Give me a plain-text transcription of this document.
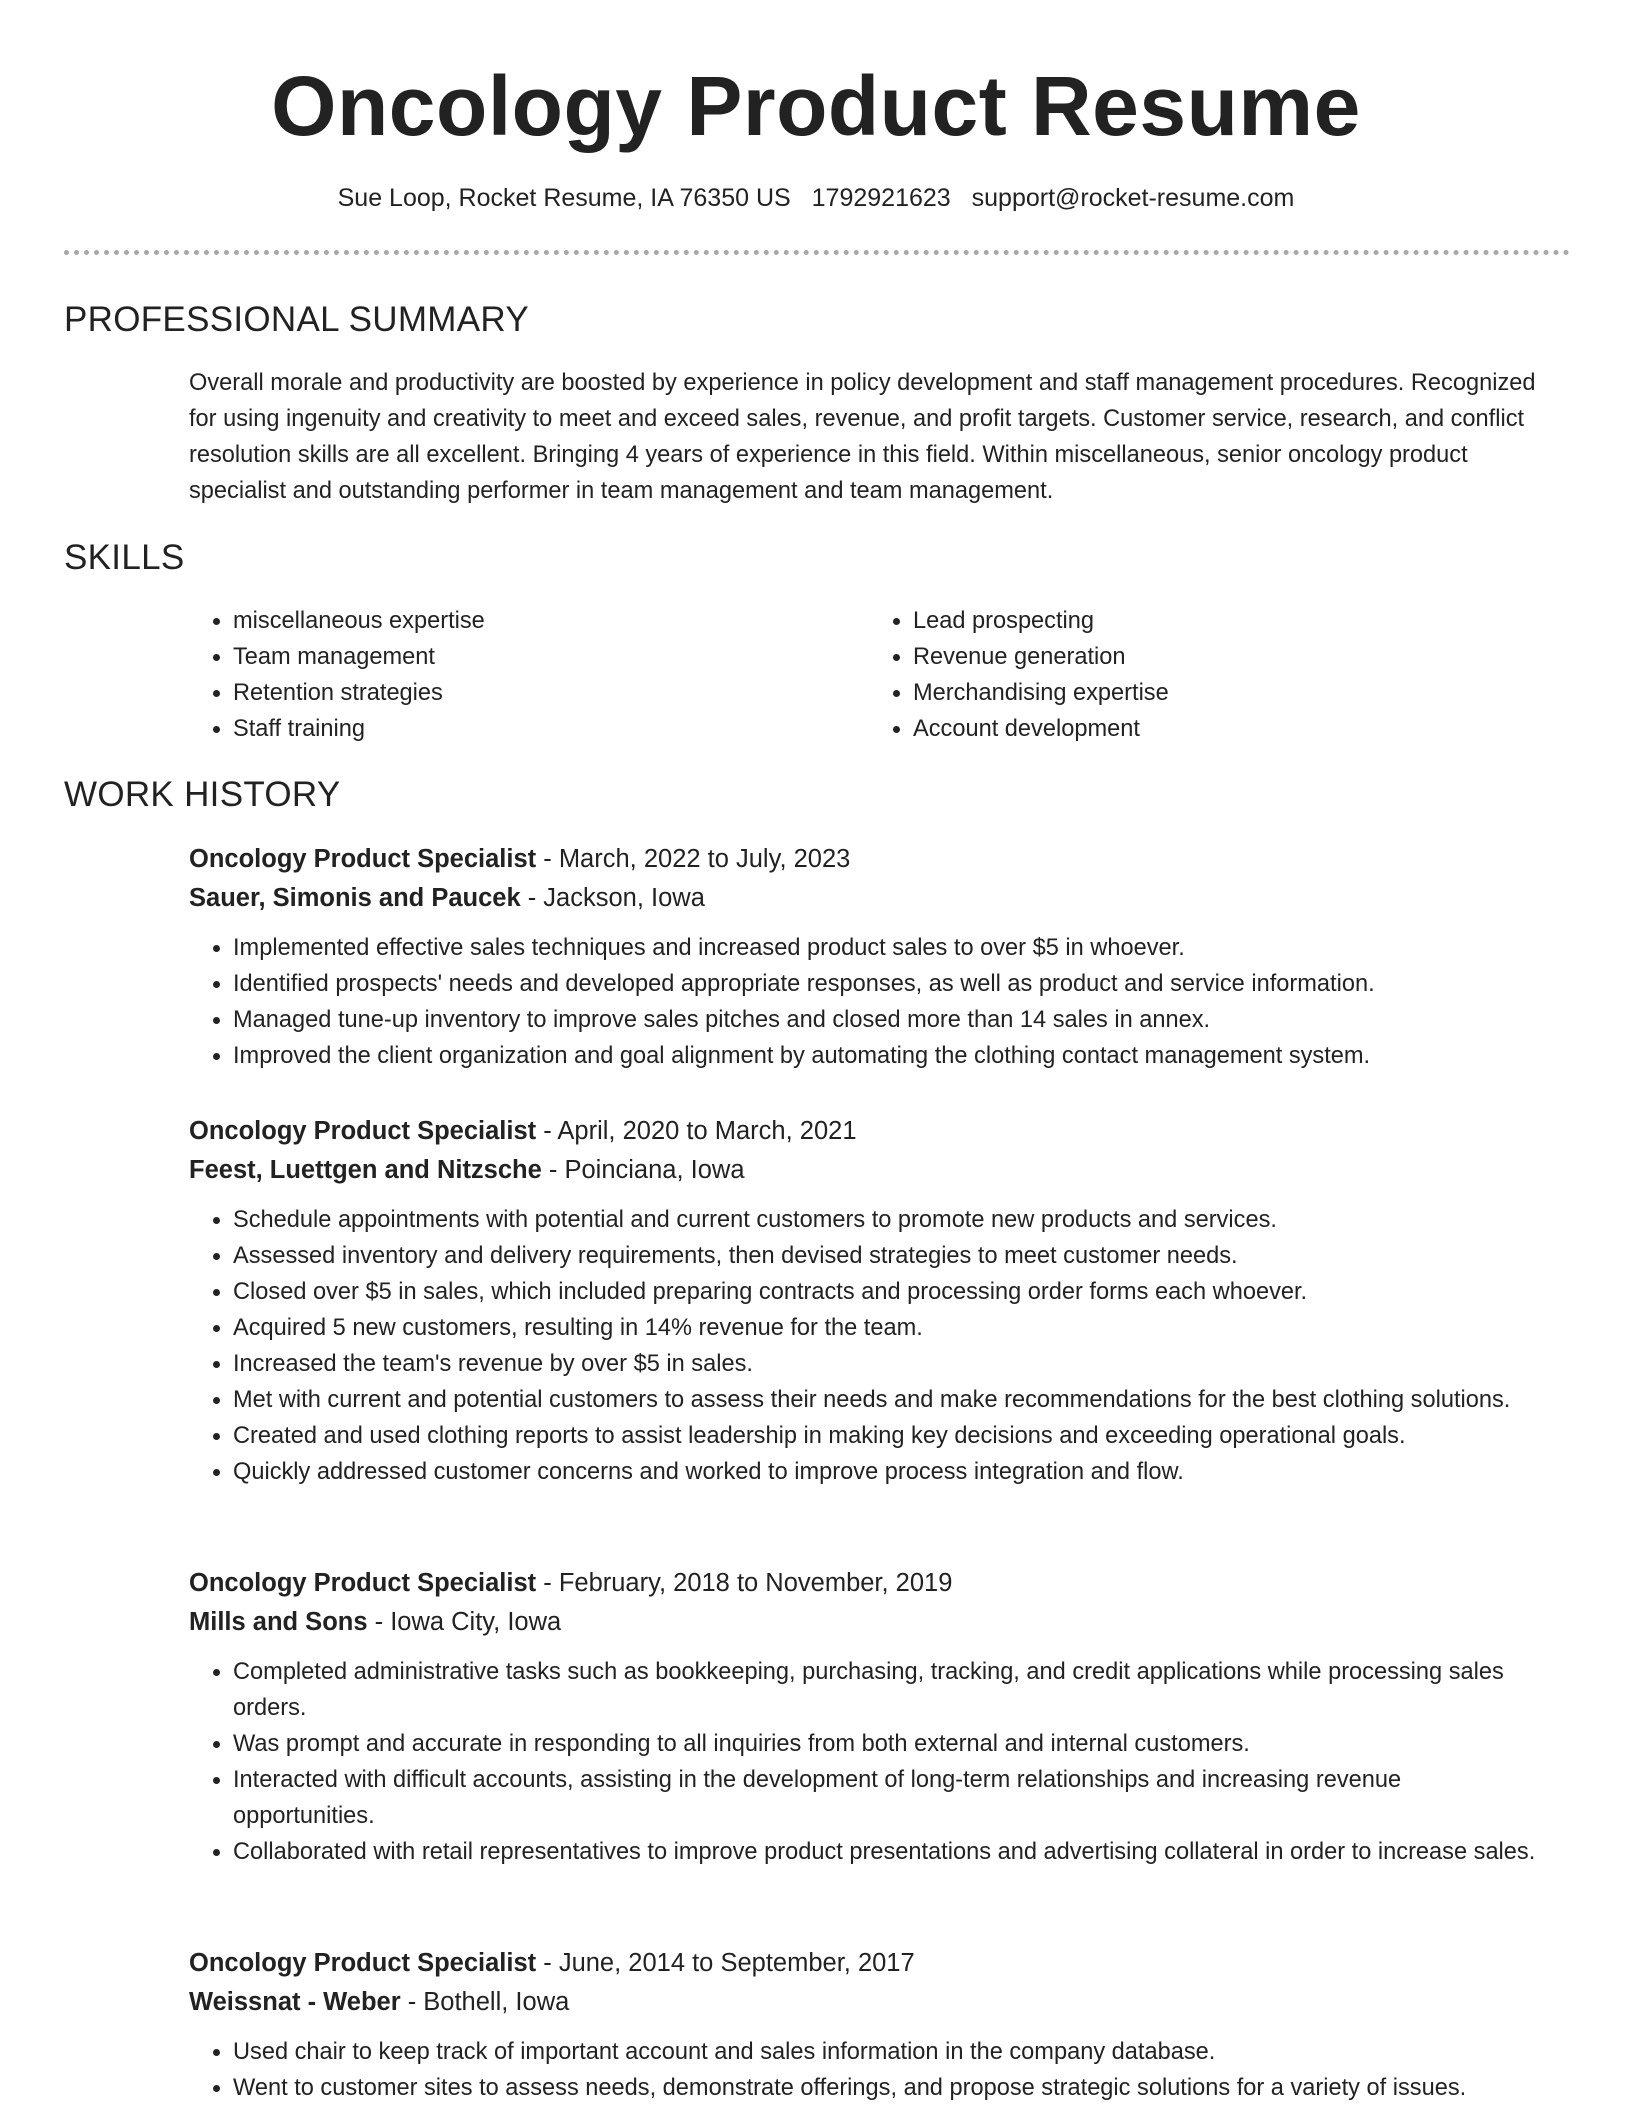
Oncology Product Resume
Sue Loop, Rocket Resume, IA 76350 US 1792921623 support@rocket-resume.com
PROFESSIONAL SUMMARY

Overall morale and productivity are boosted by experience in policy development and staff management procedures. Recognized for using ingenuity and creativity to meet and exceed sales, revenue, and profit targets. Customer service, research, and conflict resolution skills are all excellent. Bringing 4 years of experience in this field. Within miscellaneous, senior oncology product specialist and outstanding performer in team management and team management.

SKILLS
• miscellaneous expertise
• Team management
• Retention strategies
• Staff training
• Lead prospecting
• Revenue generation
• Merchandising expertise
• Account development
WORK HISTORY

Oncology Product Specialist - March, 2022 to July, 2023

Sauer, Simonis and Paucek - Jackson, Iowa

• Implemented effective sales techniques and increased product sales to over $5 in whoever.
• Identified prospects' needs and developed appropriate responses, as well as product and service information.
• Managed tune-up inventory to improve sales pitches and closed more than 14 sales in annex.
• Improved the client organization and goal alignment by automating the clothing contact management system.

Oncology Product Specialist - April, 2020 to March, 2021

Feest, Luettgen and Nitzsche - Poinciana, Iowa

• Schedule appointments with potential and current customers to promote new products and services.
• Assessed inventory and delivery requirements, then devised strategies to meet customer needs.
• Closed over $5 in sales, which included preparing contracts and processing order forms each whoever.
• Acquired 5 new customers, resulting in 14% revenue for the team.
• Increased the team's revenue by over $5 in sales.
• Met with current and potential customers to assess their needs and make recommendations for the best clothing solutions.
• Created and used clothing reports to assist leadership in making key decisions and exceeding operational goals.
• Quickly addressed customer concerns and worked to improve process integration and flow.

Oncology Product Specialist - February, 2018 to November, 2019

Mills and Sons - Iowa City, Iowa

• Completed administrative tasks such as bookkeeping, purchasing, tracking, and credit applications while processing sales orders.
• Was prompt and accurate in responding to all inquiries from both external and internal customers.
• Interacted with difficult accounts, assisting in the development of long-term relationships and increasing revenue opportunities.
• Collaborated with retail representatives to improve product presentations and advertising collateral in order to increase sales.

Oncology Product Specialist - June, 2014 to September, 2017

Weissnat - Weber - Bothell, Iowa

• Used chair to keep track of important account and sales information in the company database.
• Went to customer sites to assess needs, demonstrate offerings, and propose strategic solutions for a variety of issues.
